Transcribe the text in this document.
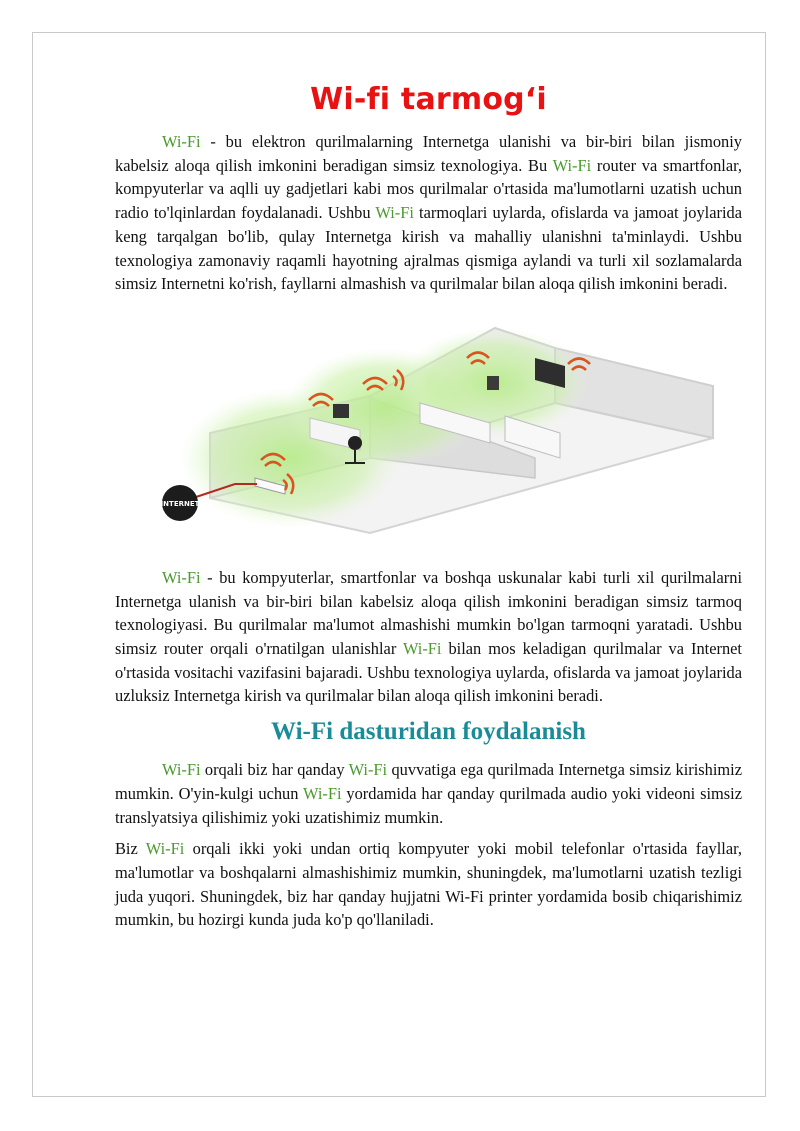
Wi-fi tarmog‘i

Wi-Fi - bu elektron qurilmalarning Internetga ulanishi va bir-biri bilan jismoniy kabelsiz aloqa qilish imkonini beradigan simsiz texnologiya. Bu Wi-Fi router va smartfonlar, kompyuterlar va aqlli uy gadjetlari kabi mos qurilmalar o'rtasida ma'lumotlarni uzatish uchun radio to'lqinlardan foydalanadi. Ushbu Wi-Fi tarmoqlari uylarda, ofislarda va jamoat joylarida keng tarqalgan bo'lib, qulay Internetga kirish va mahalliy ulanishni ta'minlaydi. Ushbu texnologiya zamonaviy raqamli hayotning ajralmas qismiga aylandi va turli xil sozlamalarda simsiz Internetni ko'rish, fayllarni almashish va qurilmalar bilan aloqa qilish imkonini beradi.

INTERNET

Wi-Fi - bu kompyuterlar, smartfonlar va boshqa uskunalar kabi turli xil qurilmalarni Internetga ulanish va bir-biri bilan kabelsiz aloqa qilish imkonini beradigan simsiz tarmoq texnologiyasi. Bu qurilmalar ma'lumot almashishi mumkin bo'lgan tarmoqni yaratadi. Ushbu simsiz router orqali o'rnatilgan ulanishlar Wi-Fi bilan mos keladigan qurilmalar va Internet o'rtasida vositachi vazifasini bajaradi. Ushbu texnologiya uylarda, ofislarda va jamoat joylarida uzluksiz Internetga kirish va qurilmalar bilan aloqa qilish imkonini beradi.

Wi-Fi dasturidan foydalanish

Wi-Fi orqali biz har qanday Wi-Fi quvvatiga ega qurilmada Internetga simsiz kirishimiz mumkin. O'yin-kulgi uchun Wi-Fi yordamida har qanday qurilmada audio yoki videoni simsiz translyatsiya qilishimiz yoki uzatishimiz mumkin.

Biz Wi-Fi orqali ikki yoki undan ortiq kompyuter yoki mobil telefonlar o'rtasida fayllar, ma'lumotlar va boshqalarni almashishimiz mumkin, shuningdek, ma'lumotlarni uzatish tezligi juda yuqori. Shuningdek, biz har qanday hujjatni Wi-Fi printer yordamida bosib chiqarishimiz mumkin, bu hozirgi kunda juda ko'p qo'llaniladi.
